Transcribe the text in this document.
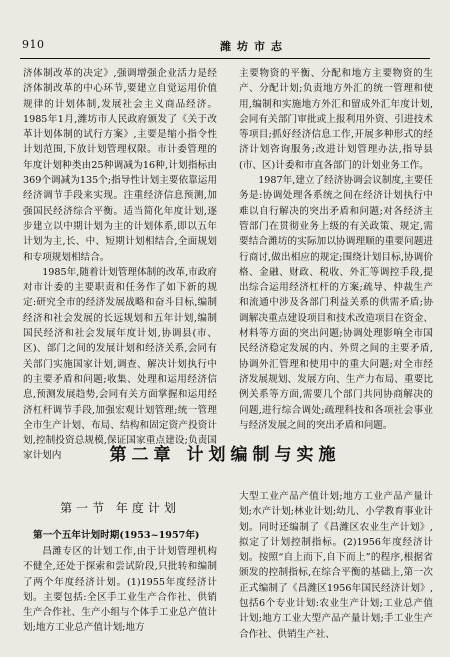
910	潍坊市志

济体制改革的决定》,强调增强企业活力是经济体制改革的中心环节,要建立自觉运用价值规律的计划体制,发展社会主义商品经济。1985年1月,潍坊市人民政府颁发了《关于改革计划体制的试行方案》,主要是缩小指令性计划范围,下放计划管理权限。市计委管理的年度计划种类由25种调减为16种,计划指标由369个调减为135个;指导性计划主要依靠运用经济调节手段来实现。注重经济信息预测,加强国民经济综合平衡。适当简化年度计划,逐步建立以中期计划为主的计划体系,即以五年计划为主,长、中、短期计划相结合,全面规划和专项规划相结合。

1985年,随着计划管理体制的改革,市政府对市计委的主要职责和任务作了如下新的规定:研究全市的经济发展战略和奋斗目标,编制经济和社会发展的长远规划和五年计划,编制国民经济和社会发展年度计划,协调县(市、区)、部门之间的发展计划和经济关系,会同有关部门实施国家计划,调查、解决计划执行中的主要矛盾和问题;收集、处理和运用经济信息,预测发展趋势,会同有关方面掌握和运用经济杠杆调节手段,加强宏观计划管理;统一管理全市生产计划、布局、结构和固定资产投资计划,控制投资总规模,保证国家重点建设;负责国家计划内

主要物资的平衡、分配和地方主要物资的生产、分配计划;负责地方外汇的统一管理和使用,编制和实施地方外汇和留成外汇年度计划,会同有关部门审批或上报利用外资、引进技术等项目;抓好经济信息工作,开展多种形式的经济计划咨询服务;改进计划管理办法,指导县(市、区)计委和市直各部门的计划业务工作。

1987年,建立了经济协调会议制度,主要任务是:协调处理各系统之间在经济计划执行中难以自行解决的突出矛盾和问题;对各经济主管部门在贯彻业务上级的有关政策、规定,需要结合潍坊的实际加以协调理顺的重要问题进行商讨,做出相应的规定;围绕计划目标,协调价格、金融、财政、税收、外汇等调控手段,提出综合运用经济杠杆的方案;疏导、仲裁生产和流通中涉及各部门利益关系的供需矛盾;协调解决重点建设项目和技术改造项目在资金、材料等方面的突出问题;协调处理影响全市国民经济稳定发展的内、外贸之间的主要矛盾,协调外汇管理和使用中的重大问题;对全市经济发展规划、发展方向、生产力布局、重要比例关系等方面,需要几个部门共同协商解决的问题,进行综合调处;疏理科技和各项社会事业与经济发展之间的突出矛盾和问题。

第二章 计划编制与实施
第一节 年度计划
第一个五年计划时期(1953~1957年)

昌潍专区的计划工作,由于计划管理机构不健全,还处于探索和尝试阶段,只批转和编制了两个年度经济计划。(1)1955年度经济计划。主要包括:全区手工业生产合作社、供销生产合作社、生产小组与个体手工业总产值计划;地方工业总产值计划;地方

大型工业产品产值计划;地方工业产品产量计划;水产计划;林业计划;幼儿、小学教育事业计划。同时还编制了《昌潍区农业生产计划》,拟定了计划控制指标。(2)1956年度经济计划。按照“自上而下,自下而上”的程序,根据省颁发的控制指标,在综合平衡的基础上,第一次正式编制了《昌潍区1956年国民经济计划》,包括6个专业计划:农业生产计划;工业总产值计划;地方工业大型产品产量计划;手工业生产合作社、供销生产社、
